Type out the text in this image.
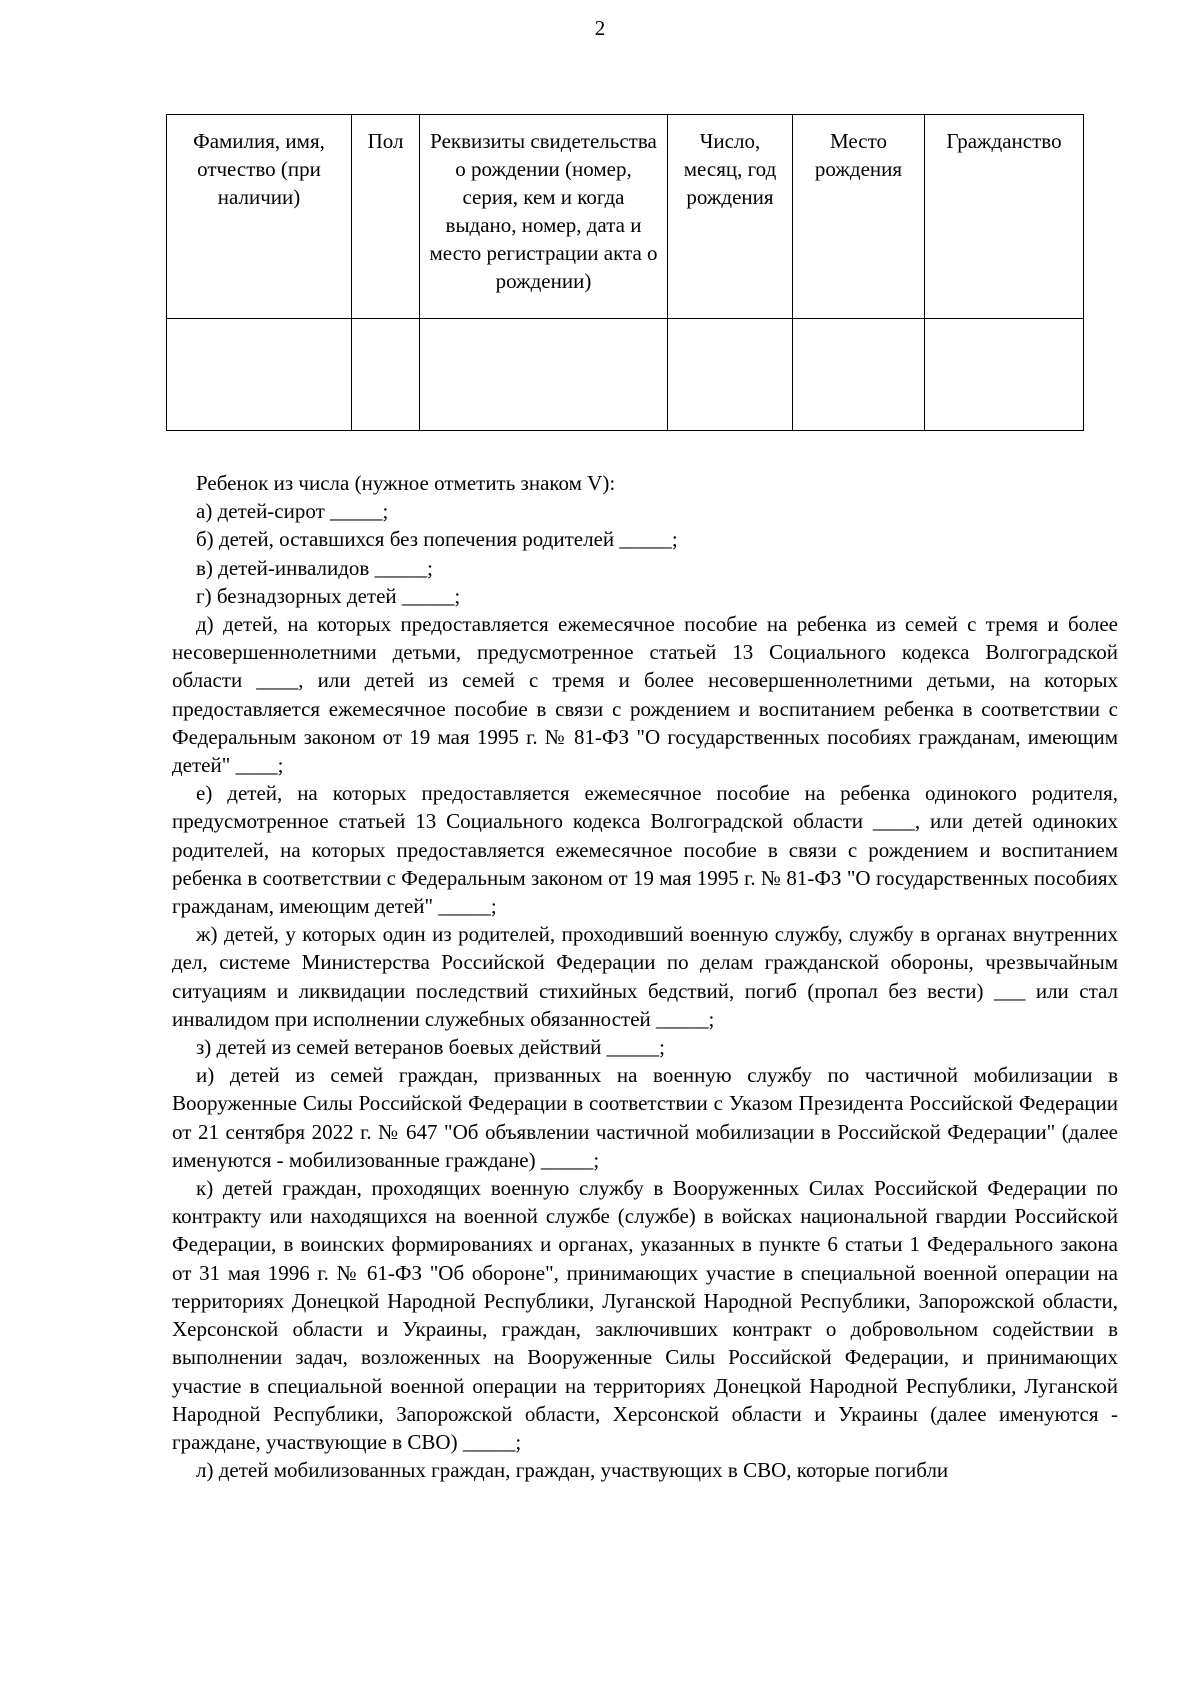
2
Фамилия, имя, отчество (при наличии)	Пол	Реквизиты свидетельства о рождении (номер, серия, кем и когда выдано, номер, дата и место регистрации акта о рождении)	Число, месяц, год рождения	Место рождения	Гражданство

Ребенок из числа (нужное отметить знаком V):

а) детей-сирот _____;

б) детей, оставшихся без попечения родителей _____;

в) детей-инвалидов _____;

г) безнадзорных детей _____;

д) детей, на которых предоставляется ежемесячное пособие на ребенка из семей с тремя и более несовершеннолетними детьми, предусмотренное статьей 13 Социального кодекса Волгоградской области ____, или детей из семей с тремя и более несовершеннолетними детьми, на которых предоставляется ежемесячное пособие в связи с рождением и воспитанием ребенка в соответствии с Федеральным законом от 19 мая 1995 г. № 81-ФЗ "О государственных пособиях гражданам, имеющим детей" ____;

е) детей, на которых предоставляется ежемесячное пособие на ребенка одинокого родителя, предусмотренное статьей 13 Социального кодекса Волгоградской области ____, или детей одиноких родителей, на которых предоставляется ежемесячное пособие в связи с рождением и воспитанием ребенка в соответствии с Федеральным законом от 19 мая 1995 г. № 81-ФЗ "О государственных пособиях гражданам, имеющим детей" _____;

ж) детей, у которых один из родителей, проходивший военную службу, службу в органах внутренних дел, системе Министерства Российской Федерации по делам гражданской обороны, чрезвычайным ситуациям и ликвидации последствий стихийных бедствий, погиб (пропал без вести) ___ или стал инвалидом при исполнении служебных обязанностей _____;

з) детей из семей ветеранов боевых действий _____;

и) детей из семей граждан, призванных на военную службу по частичной мобилизации в Вооруженные Силы Российской Федерации в соответствии с Указом Президента Российской Федерации от 21 сентября 2022 г. № 647 "Об объявлении частичной мобилизации в Российской Федерации" (далее именуются - мобилизованные граждане) _____;

к) детей граждан, проходящих военную службу в Вооруженных Силах Российской Федерации по контракту или находящихся на военной службе (службе) в войсках национальной гвардии Российской Федерации, в воинских формированиях и органах, указанных в пункте 6 статьи 1 Федерального закона от 31 мая 1996 г. № 61-ФЗ "Об обороне", принимающих участие в специальной военной операции на территориях Донецкой Народной Республики, Луганской Народной Республики, Запорожской области, Херсонской области и Украины, граждан, заключивших контракт о добровольном содействии в выполнении задач, возложенных на Вооруженные Силы Российской Федерации, и принимающих участие в специальной военной операции на территориях Донецкой Народной Республики, Луганской Народной Республики, Запорожской области, Херсонской области и Украины (далее именуются - граждане, участвующие в СВО) _____;

л) детей мобилизованных граждан, граждан, участвующих в СВО, которые погибли
